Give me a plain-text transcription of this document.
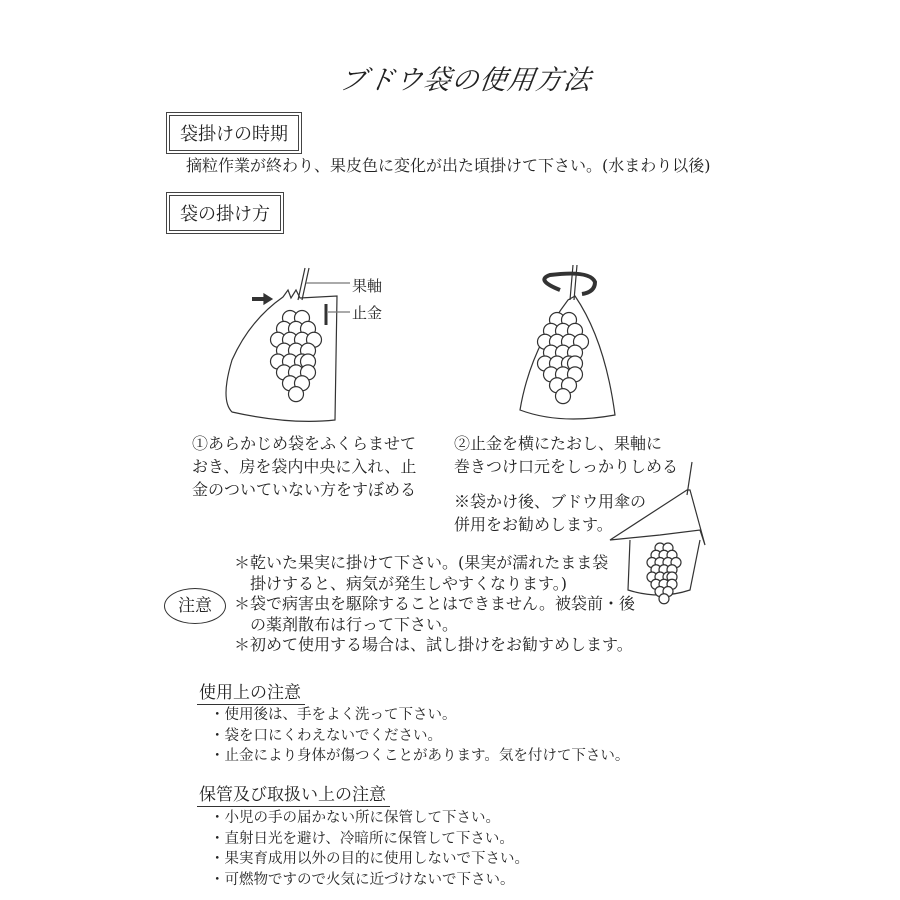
ブドウ袋の使用方法
袋掛けの時期
摘粒作業が終わり、果皮色に変化が出た頃掛けて下さい。(水まわり以後)
袋の掛け方
果軸
止金
①あらかじめ袋をふくらませて
おき、房を袋内中央に入れ、止
金のついていない方をすぼめる
②止金を横にたおし、果軸に
巻きつけ口元をしっかりしめる
※袋かけ後、ブドウ用傘の
併用をお勧めします。
注意
＊乾いた果実に掛けて下さい。(果実が濡れたまま袋
　掛けすると、病気が発生しやすくなります。)
＊袋で病害虫を駆除することはできません。被袋前・後
　の薬剤散布は行って下さい。
＊初めて使用する場合は、試し掛けをお勧すめします。
使用上の注意
・使用後は、手をよく洗って下さい。
・袋を口にくわえないでください。
・止金により身体が傷つくことがあります。気を付けて下さい。
保管及び取扱い上の注意
・小児の手の届かない所に保管して下さい。
・直射日光を避け、冷暗所に保管して下さい。
・果実育成用以外の目的に使用しないで下さい。
・可燃物ですので火気に近づけないで下さい。
